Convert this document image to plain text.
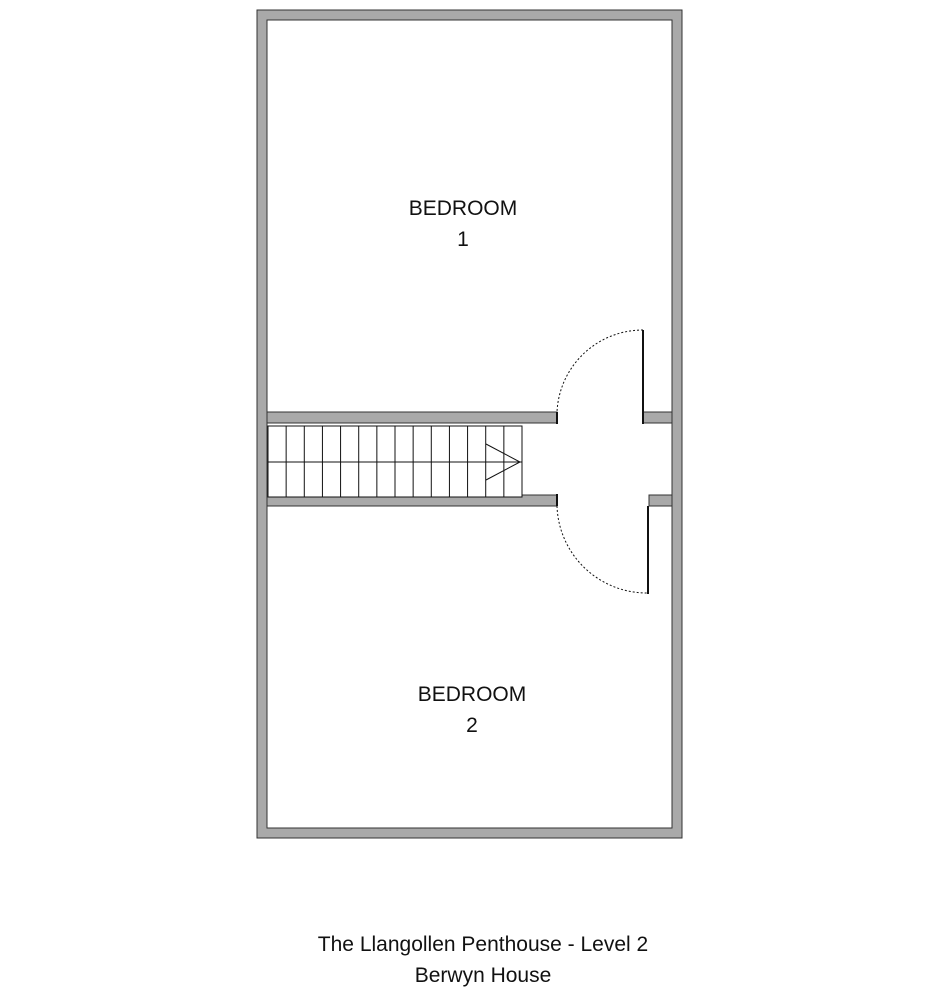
BEDROOM
1
BEDROOM
2
The Llangollen Penthouse - Level 2
Berwyn House
